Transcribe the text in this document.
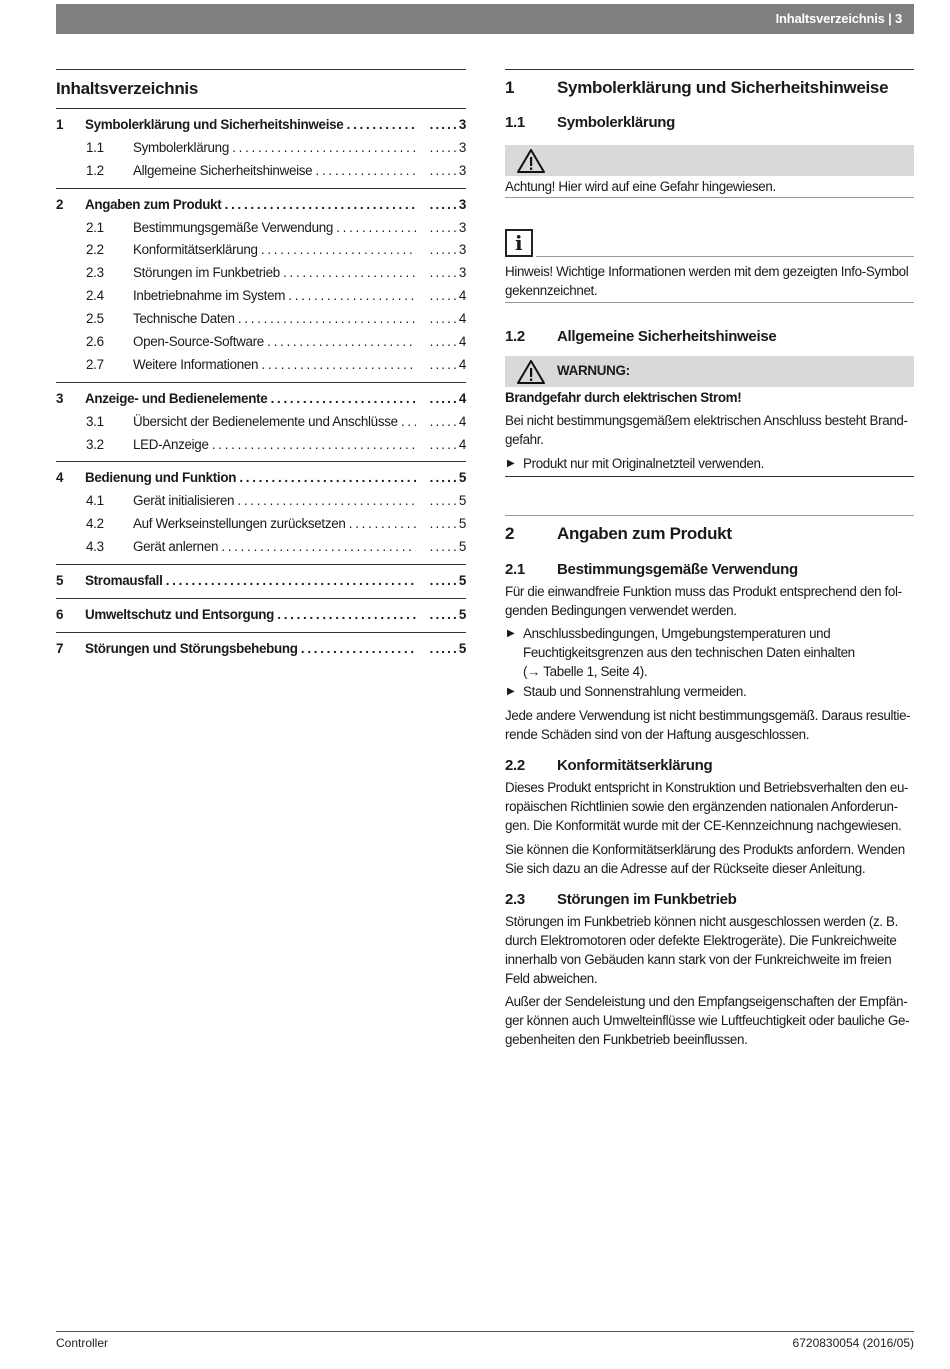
Inhaltsverzeichnis | 3
Inhaltsverzeichnis
1 Symbolerklärung und Sicherheitshinweise . . .	. . . 3
1.1 Symbolerklärung . . .	. . . 3
1.2 Allgemeine Sicherheitshinweise . . .	. . . 3
2 Angaben zum Produkt . . .	. . . 3
2.1 Bestimmungsgemäße Verwendung . . .	. . . 3
2.2 Konformitätserklärung . . .	. . . 3
2.3 Störungen im Funkbetrieb . . .	. . . 3
2.4 Inbetriebnahme im System . . .	. . . 4
2.5 Technische Daten . . .	. . . 4
2.6 Open-Source-Software . . .	. . . 4
2.7 Weitere Informationen . . .	. . . 4
3 Anzeige- und Bedienelemente . . .	. . . 4
3.1 Übersicht der Bedienelemente und Anschlüsse . . .	. . . 4
3.2 LED-Anzeige . . .	. . . 4
4 Bedienung und Funktion . . .	. . . 5
4.1 Gerät initialisieren . . .	. . . 5
4.2 Auf Werkseinstellungen zurücksetzen . . .	. . . 5
4.3 Gerät anlernen . . .	. . . 5
5 Stromausfall . . .	. . . 5
6 Umweltschutz und Entsorgung . . .	. . . 5
7 Störungen und Störungsbehebung . . .	. . . 5
1	Symbolerklärung und Sicherheitshinweise
1.1 Symbolerklärung
Achtung! Hier wird auf eine Gefahr hingewiesen.
i
Hinweis! Wichtige Informationen werden mit dem gezeigten Info-Symbol gekennzeichnet.
1.2 Allgemeine Sicherheitshinweise
WARNUNG:
Brandgefahr durch elektrischen Strom!
Bei nicht bestimmungsgemäßem elektrischen Anschluss besteht Brand-gefahr.
▶ Produkt nur mit Originalnetzteil verwenden.
2	Angaben zum Produkt
2.1 Bestimmungsgemäße Verwendung
Für die einwandfreie Funktion muss das Produkt entsprechend den fol-genden Bedingungen verwendet werden.
▶ Anschlussbedingungen, Umgebungstemperaturen und Feuchtigkeitsgrenzen aus den technischen Daten einhalten (→ Tabelle 1, Seite 4).
▶ Staub und Sonnenstrahlung vermeiden.
Jede andere Verwendung ist nicht bestimmungsgemäß. Daraus resultie-rende Schäden sind von der Haftung ausgeschlossen.
2.2 Konformitätserklärung
Dieses Produkt entspricht in Konstruktion und Betriebsverhalten den eu-ropäischen Richtlinien sowie den ergänzenden nationalen Anforderun-gen. Die Konformität wurde mit der CE-Kennzeichnung nachgewiesen.
Sie können die Konformitätserklärung des Produkts anfordern. Wenden Sie sich dazu an die Adresse auf der Rückseite dieser Anleitung.
2.3 Störungen im Funkbetrieb
Störungen im Funkbetrieb können nicht ausgeschlossen werden (z. B. durch Elektromotoren oder defekte Elektrogeräte). Die Funkreichweite innerhalb von Gebäuden kann stark von der Funkreichweite im freien Feld abweichen.
Außer der Sendeleistung und den Empfangseigenschaften der Empfän-ger können auch Umwelteinflüsse wie Luftfeuchtigkeit oder bauliche Ge-gebenheiten den Funkbetrieb beeinflussen.
Controller	6720830054 (2016/05)
